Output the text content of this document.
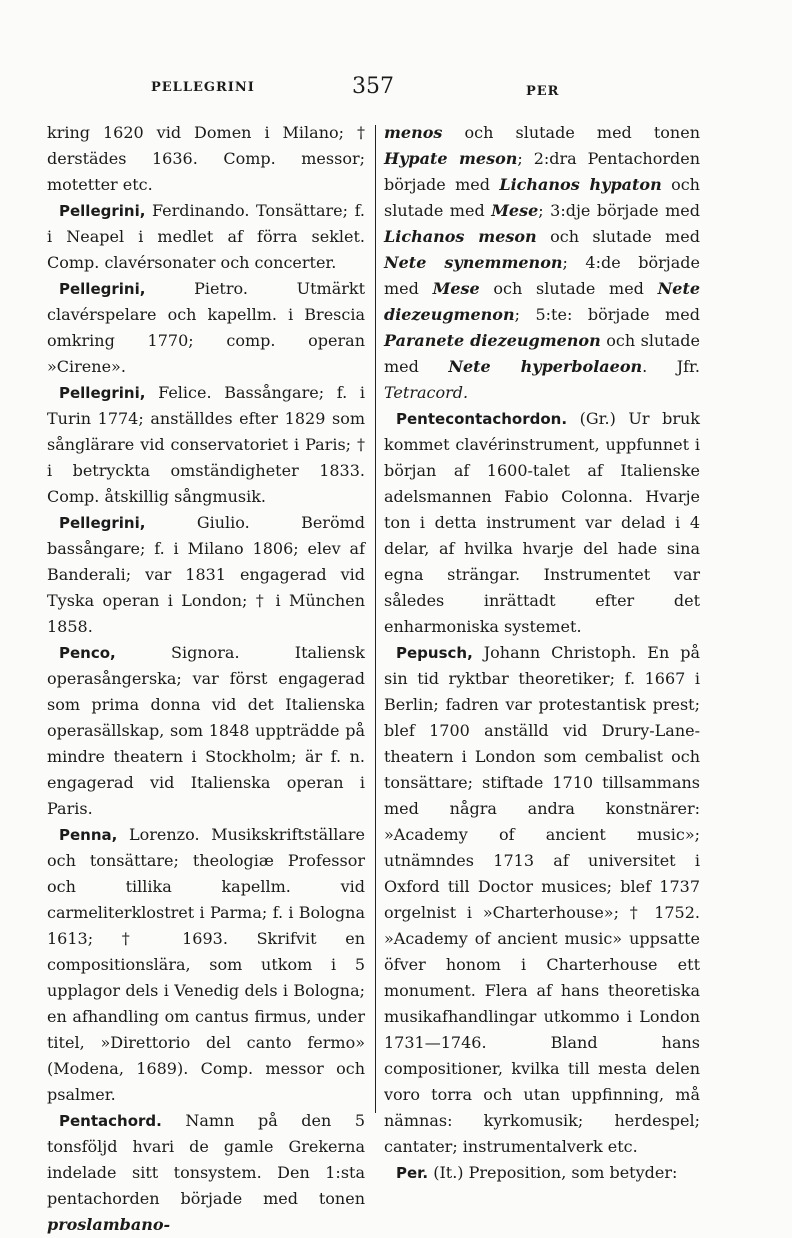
PELLEGRINI	357	PER

kring 1620 vid Domen i Milano; † derstädes 1636. Comp. messor; motetter etc.

Pellegrini, Ferdinando. Tonsättare; f. i Neapel i medlet af förra seklet. Comp. clavérsonater och concerter.

Pellegrini, Pietro. Utmärkt clavérspelare och kapellm. i Brescia omkring 1770; comp. operan »Cirene».

Pellegrini, Felice. Bassångare; f. i Turin 1774; anställdes efter 1829 som sånglärare vid conservatoriet i Paris; † i betryckta omständigheter 1833. Comp. åtskillig sångmusik.

Pellegrini, Giulio. Berömd bassångare; f. i Milano 1806; elev af Banderali; var 1831 engagerad vid Tyska operan i London; † i München 1858.

Penco, Signora. Italiensk operasångerska; var först engagerad som prima donna vid det Italienska operasällskap, som 1848 uppträdde på mindre theatern i Stockholm; är f. n. engagerad vid Italienska operan i Paris.

Penna, Lorenzo. Musikskriftställare och tonsättare; theologiæ Professor och tillika kapellm. vid carmeliterklostret i Parma; f. i Bologna 1613; † 1693. Skrifvit en compositionslära, som utkom i 5 upplagor dels i Venedig dels i Bologna; en afhandling om cantus firmus, under titel, »Direttorio del canto fermo» (Modena, 1689). Comp. messor och psalmer.

Pentachord. Namn på den 5 tonsföljd hvari de gamle Grekerna indelade sitt tonsystem. Den 1:sta pentachorden började med tonen proslambano-

menos och slutade med tonen Hypate meson; 2:dra Pentachorden började med Lichanos hypaton och slutade med Mese; 3:dje började med Lichanos meson och slutade med Nete synemmenon; 4:de började med Mese och slutade med Nete diezeugmenon; 5:te: började med Paranete diezeugmenon och slutade med Nete hyperbolaeon. Jfr. Tetracord.

Pentecontachordon. (Gr.) Ur bruk kommet clavérinstrument, uppfunnet i början af 1600-talet af Italienske adelsmannen Fabio Colonna. Hvarje ton i detta instrument var delad i 4 delar, af hvilka hvarje del hade sina egna strängar. Instrumentet var således inrättadt efter det enharmoniska systemet.

Pepusch, Johann Christoph. En på sin tid ryktbar theoretiker; f. 1667 i Berlin; fadren var protestantisk prest; blef 1700 anställd vid Drury-Lane-theatern i London som cembalist och tonsättare; stiftade 1710 tillsammans med några andra konstnärer: »Academy of ancient music»; utnämndes 1713 af universitet i Oxford till Doctor musices; blef 1737 orgelnist i »Charterhouse»; † 1752. »Academy of ancient music» uppsatte öfver honom i Charterhouse ett monument. Flera af hans theoretiska musikafhandlingar utkommo i London 1731—1746. Bland hans compositioner, kvilka till mesta delen voro torra och utan uppfinning, må nämnas: kyrkomusik; herdespel; cantater; instrumentalverk etc.

Per. (It.) Preposition, som betyder:
